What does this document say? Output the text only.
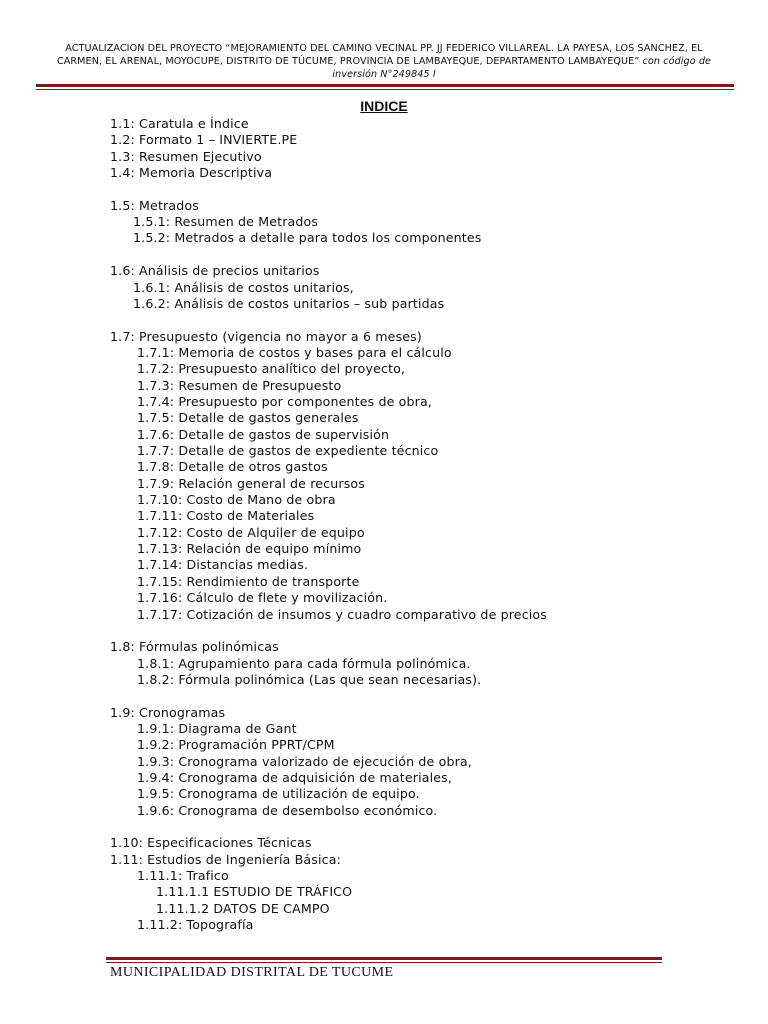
ACTUALIZACION DEL PROYECTO “MEJORAMIENTO DEL CAMINO VECINAL PP. JJ FEDERICO VILLAREAL. LA PAYESA, LOS SANCHEZ, EL
CARMEN, EL ARENAL, MOYOCUPE, DISTRITO DE TÚCUME, PROVINCIA DE LAMBAYEQUE, DEPARTAMENTO LAMBAYEQUE” con código de
inversión N°249845 l
INDICE
1.1: Caratula e Índice
1.2: Formato 1 – INVIERTE.PE
1.3: Resumen Ejecutivo
1.4: Memoria Descriptiva
1.5: Metrados
1.5.1: Resumen de Metrados
1.5.2: Metrados a detalle para todos los componentes
1.6: Análisis de precios unitarios
1.6.1: Análisis de costos unitarios,
1.6.2: Análisis de costos unitarios – sub partidas
1.7: Presupuesto (vigencia no mayor a 6 meses)
1.7.1: Memoria de costos y bases para el cálculo
1.7.2: Presupuesto analítico del proyecto,
1.7.3: Resumen de Presupuesto
1.7.4: Presupuesto por componentes de obra,
1.7.5: Detalle de gastos generales
1.7.6: Detalle de gastos de supervisión
1.7.7: Detalle de gastos de expediente técnico
1.7.8: Detalle de otros gastos
1.7.9: Relación general de recursos
1.7.10: Costo de Mano de obra
1.7.11: Costo de Materiales
1.7.12: Costo de Alquiler de equipo
1.7.13: Relación de equipo mínimo
1.7.14: Distancias medias.
1.7.15: Rendimiento de transporte
1.7.16: Cálculo de flete y movilización.
1.7.17: Cotización de insumos y cuadro comparativo de precios
1.8: Fórmulas polinómicas
1.8.1: Agrupamiento para cada fórmula polinómica.
1.8.2: Fórmula polinómica (Las que sean necesarias).
1.9: Cronogramas
1.9.1: Diagrama de Gant
1.9.2: Programación PPRT/CPM
1.9.3: Cronograma valorizado de ejecución de obra,
1.9.4: Cronograma de adquisición de materiales,
1.9.5: Cronograma de utilización de equipo.
1.9.6: Cronograma de desembolso económico.
1.10: Especificaciones Técnicas
1.11: Estudios de Ingeniería Básica:
1.11.1: Trafico
1.11.1.1 ESTUDIO DE TRÁFICO
1.11.1.2 DATOS DE CAMPO
1.11.2: Topografía
MUNICIPALIDAD DISTRITAL DE TUCUME
